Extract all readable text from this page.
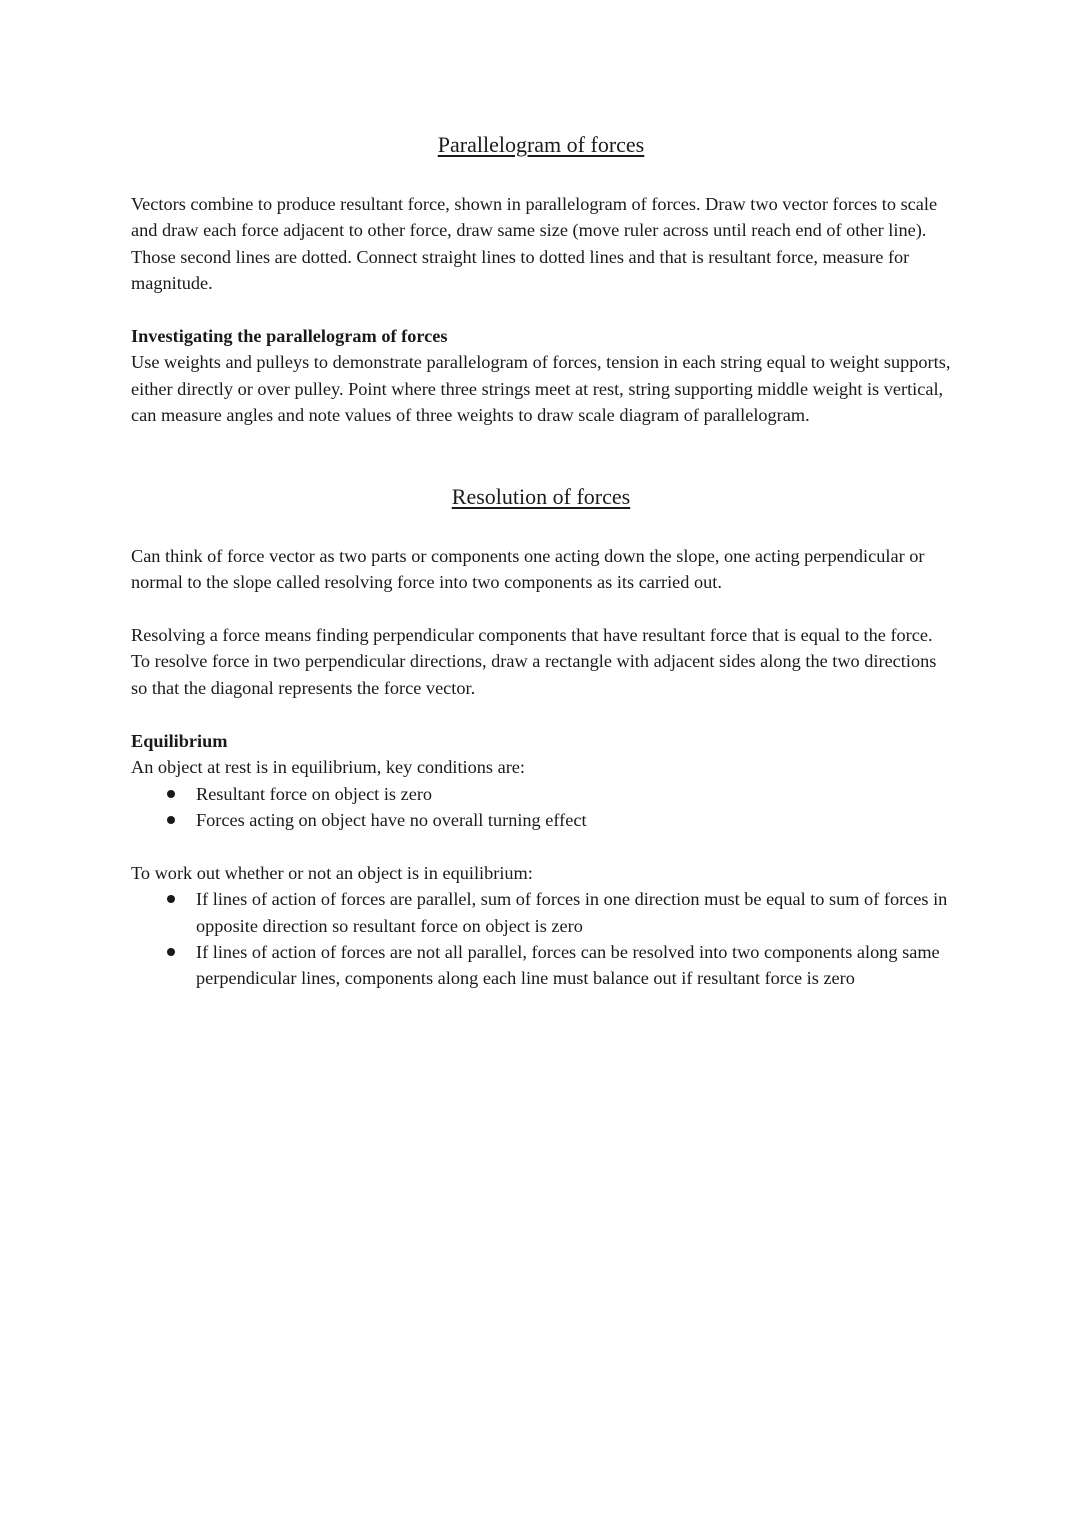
Parallelogram of forces

Vectors combine to produce resultant force, shown in parallelogram of forces. Draw two vector forces to scale and draw each force adjacent to other force, draw same size (move ruler across until reach end of other line). Those second lines are dotted. Connect straight lines to dotted lines and that is resultant force, measure for magnitude.

Investigating the parallelogram of forces
Use weights and pulleys to demonstrate parallelogram of forces, tension in each string equal to weight supports, either directly or over pulley. Point where three strings meet at rest, string supporting middle weight is vertical, can measure angles and note values of three weights to draw scale diagram of parallelogram.
Resolution of forces

Can think of force vector as two parts or components one acting down the slope, one acting perpendicular or normal to the slope called resolving force into two components as its carried out.

Resolving a force means finding perpendicular components that have resultant force that is equal to the force. To resolve force in two perpendicular directions, draw a rectangle with adjacent sides along the two directions so that the diagonal represents the force vector.

Equilibrium
An object at rest is in equilibrium, key conditions are:
Resultant force on object is zero
Forces acting on object have no overall turning effect
To work out whether or not an object is in equilibrium:
If lines of action of forces are parallel, sum of forces in one direction must be equal to sum of forces in opposite direction so resultant force on object is zero
If lines of action of forces are not all parallel, forces can be resolved into two components along same perpendicular lines, components along each line must balance out if resultant force is zero
